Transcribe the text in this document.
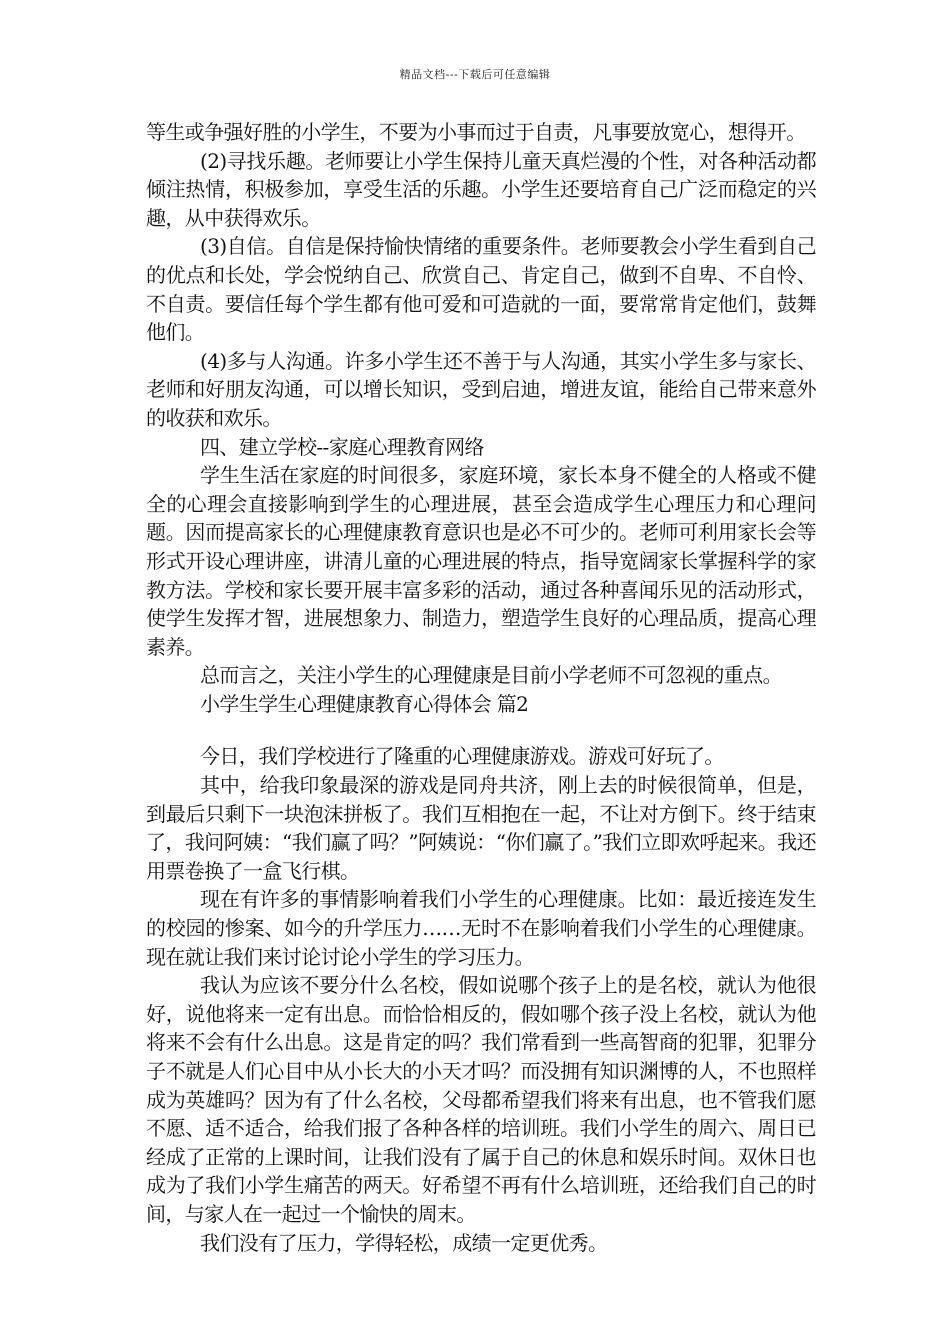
精品文档---下载后可任意编辑

等生或争强好胜的小学生，不要为小事而过于自责，凡事要放宽心，想得开。

(2)寻找乐趣。老师要让小学生保持儿童天真烂漫的个性，对各种活动都倾注热情，积极参加，享受生活的乐趣。小学生还要培育自己广泛而稳定的兴趣，从中获得欢乐。

(3)自信。自信是保持愉快情绪的重要条件。老师要教会小学生看到自己的优点和长处，学会悦纳自己、欣赏自己、肯定自己，做到不自卑、不自怜、不自责。要信任每个学生都有他可爱和可造就的一面，要常常肯定他们，鼓舞他们。

(4)多与人沟通。许多小学生还不善于与人沟通，其实小学生多与家长、老师和好朋友沟通，可以增长知识，受到启迪，增进友谊，能给自己带来意外的收获和欢乐。

四、建立学校--家庭心理教育网络

学生生活在家庭的时间很多，家庭环境，家长本身不健全的人格或不健全的心理会直接影响到学生的心理进展，甚至会造成学生心理压力和心理问题。因而提高家长的心理健康教育意识也是必不可少的。老师可利用家长会等形式开设心理讲座，讲清儿童的心理进展的特点，指导宽阔家长掌握科学的家教方法。学校和家长要开展丰富多彩的活动，通过各种喜闻乐见的活动形式，使学生发挥才智，进展想象力、制造力，塑造学生良好的心理品质，提高心理素养。

总而言之，关注小学生的心理健康是目前小学老师不可忽视的重点。

小学生学生心理健康教育心得体会 篇2

今日，我们学校进行了隆重的心理健康游戏。游戏可好玩了。

其中，给我印象最深的游戏是同舟共济，刚上去的时候很简单，但是，到最后只剩下一块泡沫拼板了。我们互相抱在一起，不让对方倒下。终于结束了，我问阿姨：“我们赢了吗？”阿姨说：“你们赢了。”我们立即欢呼起来。我还用票卷换了一盒飞行棋。

现在有许多的事情影响着我们小学生的心理健康。比如：最近接连发生的校园的惨案、如今的升学压力……无时不在影响着我们小学生的心理健康。现在就让我们来讨论讨论小学生的学习压力。

我认为应该不要分什么名校，假如说哪个孩子上的是名校，就认为他很好，说他将来一定有出息。而恰恰相反的，假如哪个孩子没上名校，就认为他将来不会有什么出息。这是肯定的吗？我们常看到一些高智商的犯罪，犯罪分子不就是人们心目中从小长大的小天才吗？而没拥有知识渊博的人，不也照样成为英雄吗？因为有了什么名校，父母都希望我们将来有出息，也不管我们愿不愿、适不适合，给我们报了各种各样的培训班。我们小学生的周六、周日已经成了正常的上课时间，让我们没有了属于自己的休息和娱乐时间。双休日也成为了我们小学生痛苦的两天。好希望不再有什么培训班，还给我们自己的时间，与家人在一起过一个愉快的周末。

我们没有了压力，学得轻松，成绩一定更优秀。
